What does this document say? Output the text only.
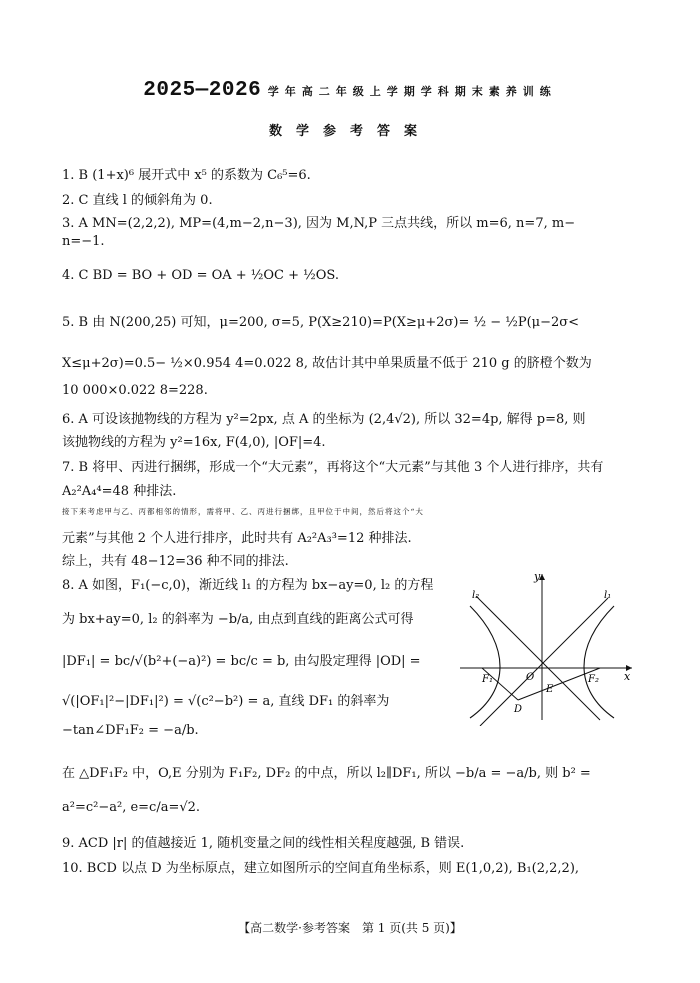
2025—2026 学年高二年级上学期学科期末素养训练
数学参考答案
1. B (1+x)⁶ 展开式中 x⁵ 的系数为 C₆⁵=6.
2. C 直线 l 的倾斜角为 0.
3. A MN=(2,2,2), MP=(4,m−2,n−3), 因为 M,N,P 三点共线，所以 m=6, n=7, m−
n=−1.
4. C BD = BO + OD = OA + ½OC + ½OS.
5. B 由 N(200,25) 可知，μ=200, σ=5, P(X≥210)=P(X≥μ+2σ)= ½ − ½P(μ−2σ<
X≤μ+2σ)=0.5− ½×0.954 4=0.022 8, 故估计其中单果质量不低于 210 g 的脐橙个数为
10 000×0.022 8=228.
6. A 可设该抛物线的方程为 y²=2px, 点 A 的坐标为 (2,4√2), 所以 32=4p, 解得 p=8, 则
该抛物线的方程为 y²=16x, F(4,0), |OF|=4.
7. B 将甲、丙进行捆绑，形成一个“大元素”，再将这个“大元素”与其他 3 个人进行排序，共有
A₂²A₄⁴=48 种排法.
接下来考虑甲与乙、丙都相邻的情形，需将甲、乙、丙进行捆绑，且甲位于中间，然后将这个“大
元素”与其他 2 个人进行排序，此时共有 A₂²A₃³=12 种排法.
综上，共有 48−12=36 种不同的排法.
8. A 如图，F₁(−c,0)，渐近线 l₁ 的方程为 bx−ay=0, l₂ 的方程
为 bx+ay=0, l₂ 的斜率为 −b/a, 由点到直线的距离公式可得
|DF₁| = bc/√(b²+(−a)²) = bc/c = b, 由勾股定理得 |OD| =
√(|OF₁|²−|DF₁|²) = √(c²−b²) = a, 直线 DF₁ 的斜率为
−tan∠DF₁F₂ = −a/b.
在 △DF₁F₂ 中，O,E 分别为 F₁F₂, DF₂ 的中点，所以 l₂∥DF₁, 所以 −b/a = −a/b, 则 b² =
a²=c²−a², e=c/a=√2.
9. ACD |r| 的值越接近 1, 随机变量之间的线性相关程度越强, B 错误.
10. BCD 以点 D 为坐标原点，建立如图所示的空间直角坐标系，则 E(1,0,2), B₁(2,2,2),
y
x
l₂	l₁
F₁	O	F₂
E
D
【高二数学·参考答案　第 1 页(共 5 页)】
